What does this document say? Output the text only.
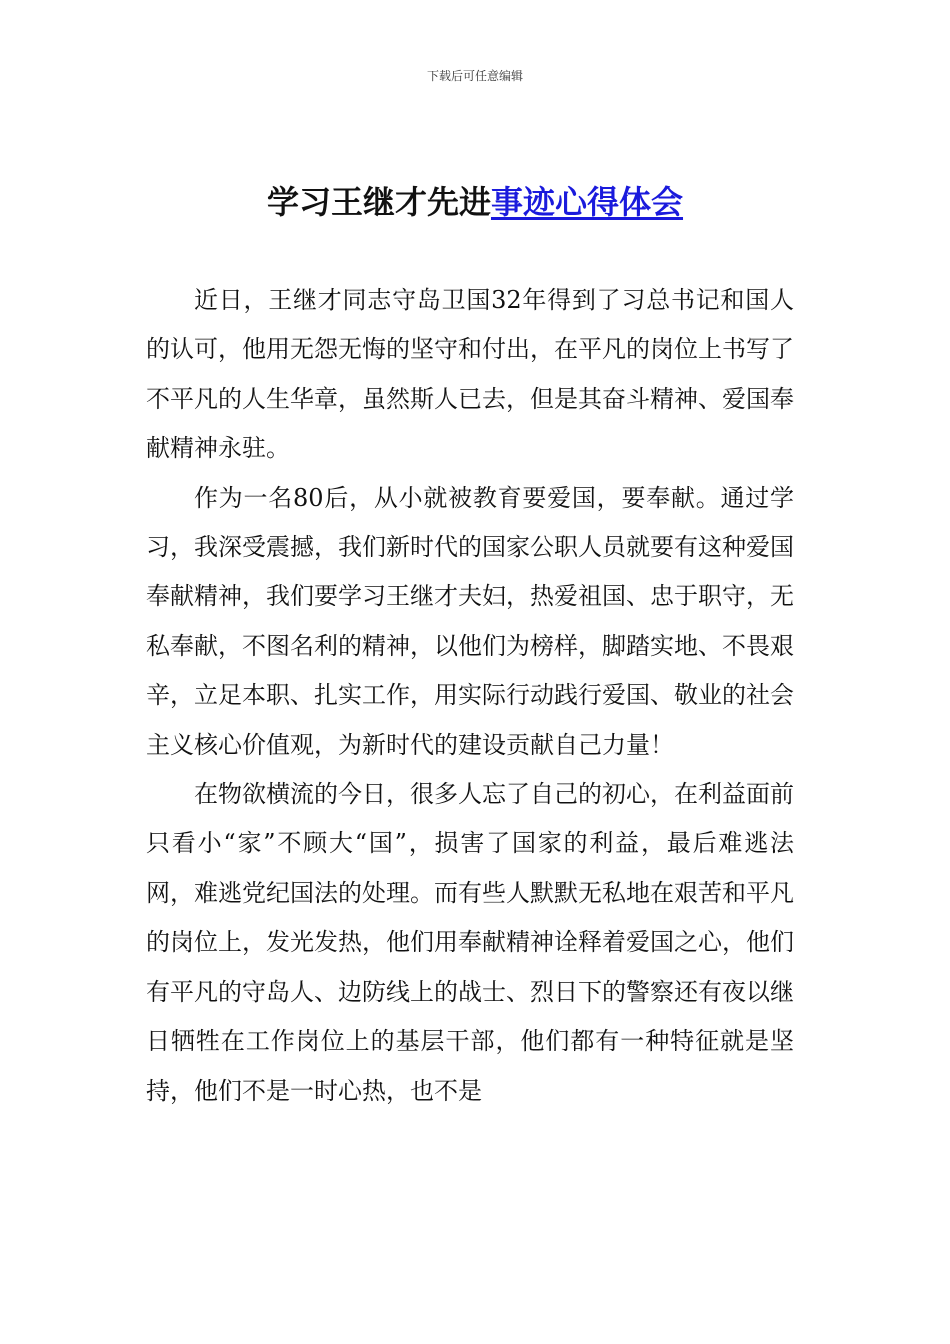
下载后可任意编辑
学习王继才先进事迹心得体会

近日，王继才同志守岛卫国32年得到了习总书记和国人的认可，他用无怨无悔的坚守和付出，在平凡的岗位上书写了不平凡的人生华章，虽然斯人已去，但是其奋斗精神、爱国奉献精神永驻。

作为一名80后，从小就被教育要爱国，要奉献。通过学习，我深受震撼，我们新时代的国家公职人员就要有这种爱国奉献精神，我们要学习王继才夫妇，热爱祖国、忠于职守，无私奉献，不图名利的精神，以他们为榜样，脚踏实地、不畏艰辛，立足本职、扎实工作，用实际行动践行爱国、敬业的社会主义核心价值观，为新时代的建设贡献自己力量！

在物欲横流的今日，很多人忘了自己的初心，在利益面前只看小“家”不顾大“国”，损害了国家的利益，最后难逃法网，难逃党纪国法的处理。而有些人默默无私地在艰苦和平凡的岗位上，发光发热，他们用奉献精神诠释着爱国之心，他们有平凡的守岛人、边防线上的战士、烈日下的警察还有夜以继日牺牲在工作岗位上的基层干部，他们都有一种特征就是坚持，他们不是一时心热，也不是
